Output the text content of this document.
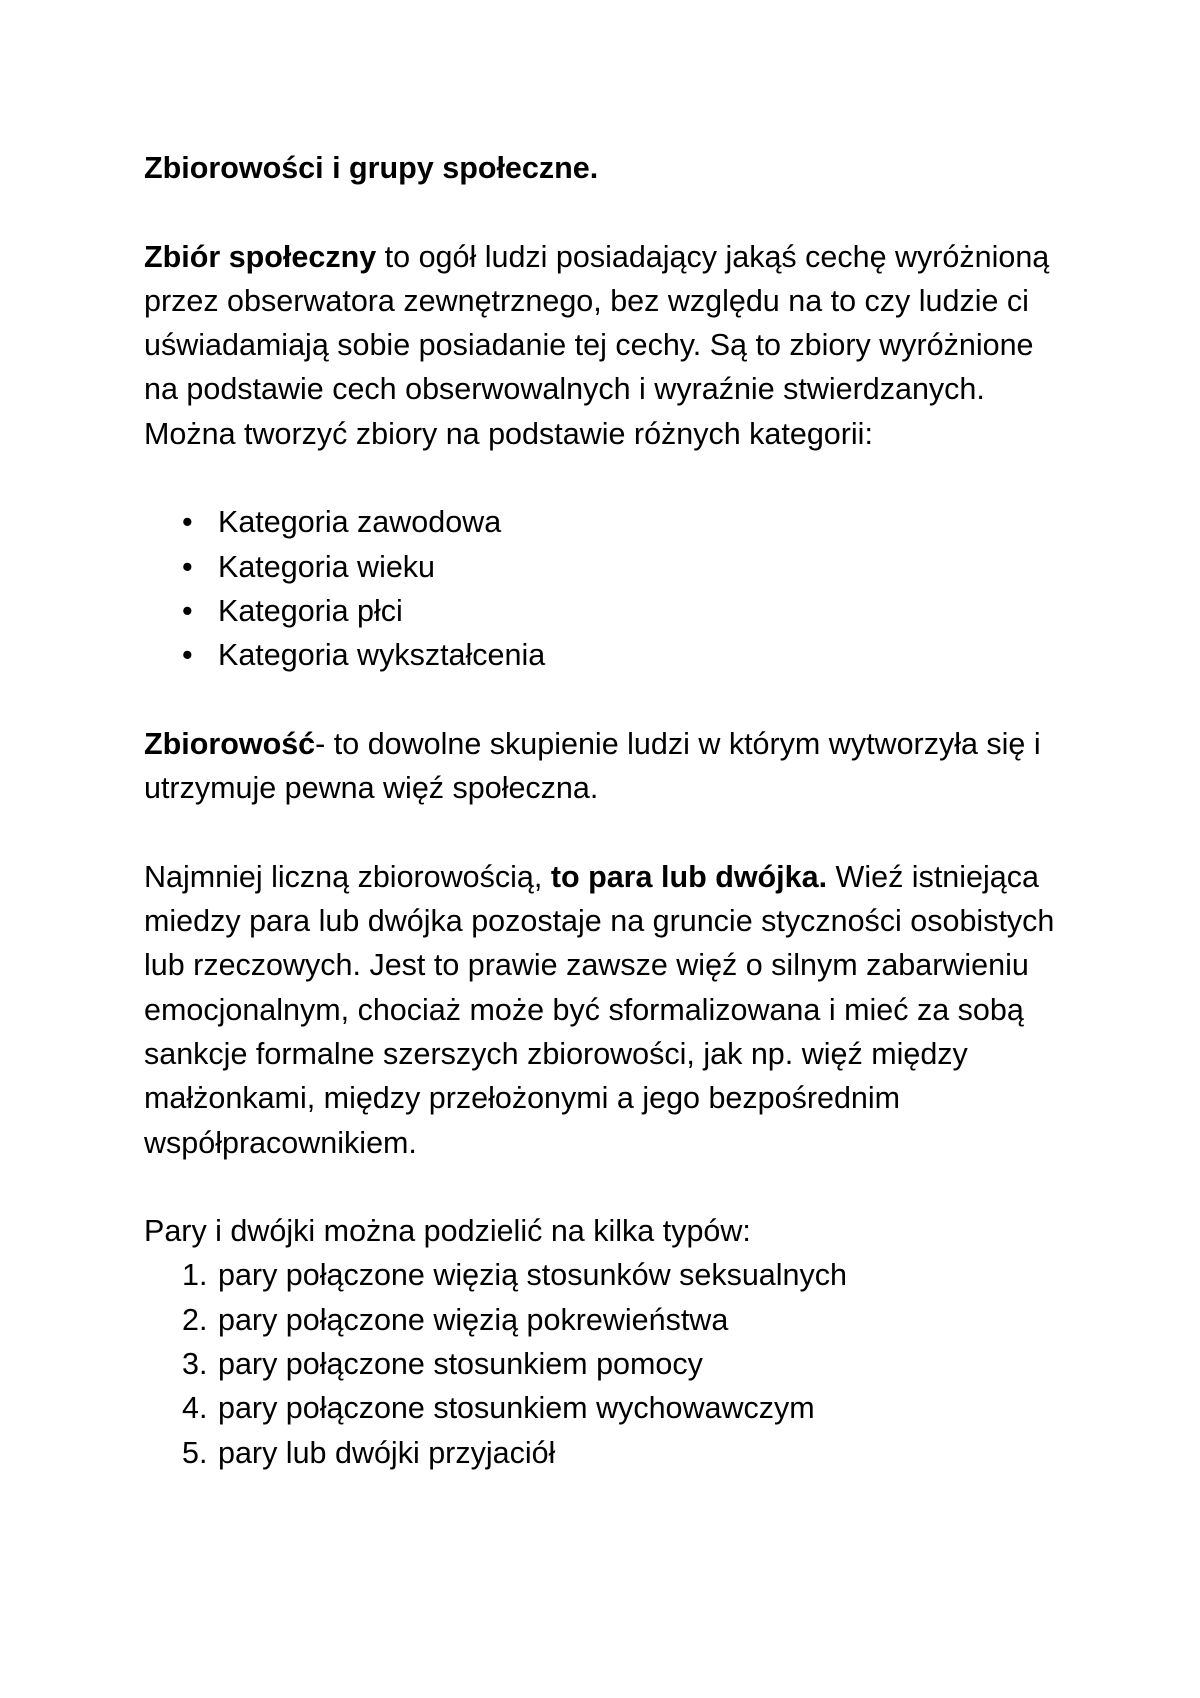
Zbiorowości i grupy społeczne.

Zbiór społeczny to ogół ludzi posiadający jakąś cechę wyróżnioną przez obserwatora zewnętrznego, bez względu na to czy ludzie ci uświadamiają sobie posiadanie tej cechy. Są to zbiory wyróżnione na podstawie cech obserwowalnych i wyraźnie stwierdzanych. Można tworzyć zbiory na podstawie różnych kategorii:

• Kategoria zawodowa
• Kategoria wieku
• Kategoria płci
• Kategoria wykształcenia

Zbiorowość- to dowolne skupienie ludzi w którym wytworzyła się i utrzymuje pewna więź społeczna.

Najmniej liczną zbiorowością, to para lub dwójka. Wieź istniejąca miedzy para lub dwójka pozostaje na gruncie styczności osobistych lub rzeczowych. Jest to prawie zawsze więź o silnym zabarwieniu emocjonalnym, chociaż może być sformalizowana i mieć za sobą sankcje formalne szerszych zbiorowości, jak np. więź między małżonkami, między przełożonymi a jego bezpośrednim współpracownikiem.

Pary i dwójki można podzielić na kilka typów:

1. pary połączone więzią stosunków seksualnych
2. pary połączone więzią pokrewieństwa
3. pary połączone stosunkiem pomocy
4. pary połączone stosunkiem wychowawczym
5. pary lub dwójki przyjaciół
